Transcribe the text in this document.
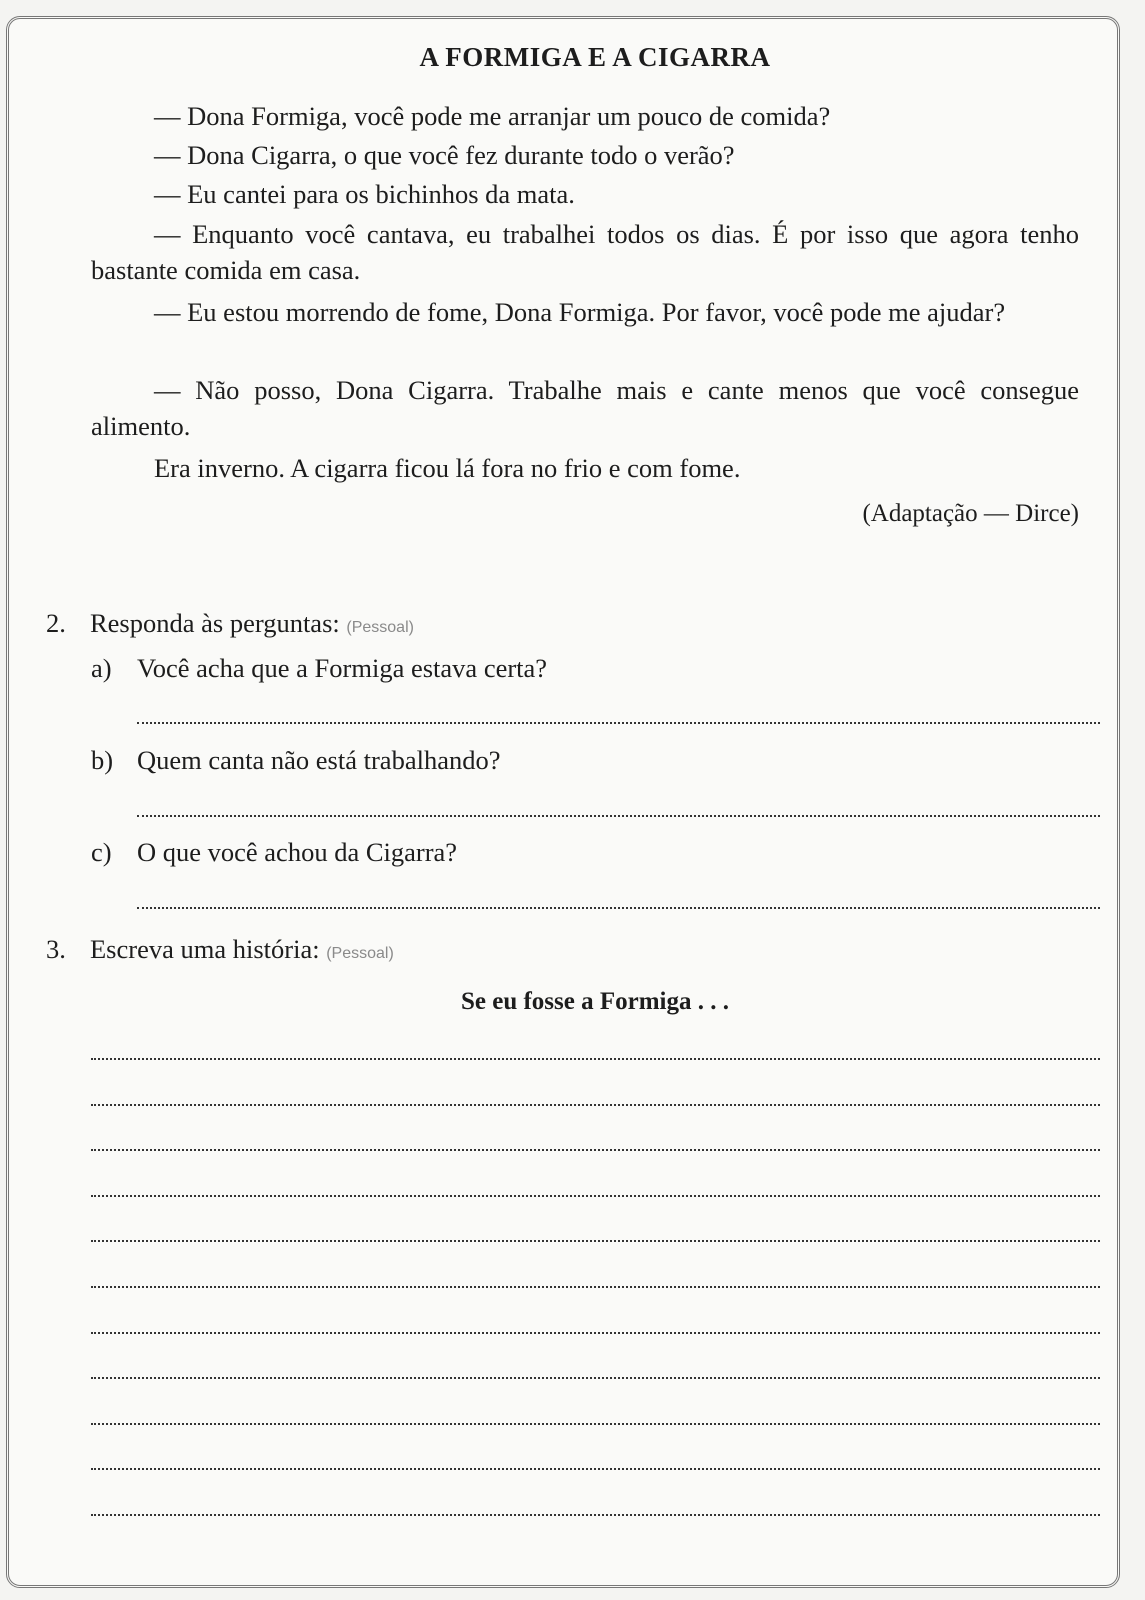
A FORMIGA E A CIGARRA
— Dona Formiga, você pode me arranjar um pouco de comida?
— Dona Cigarra, o que você fez durante todo o verão?
— Eu cantei para os bichinhos da mata.
— Enquanto você cantava, eu trabalhei todos os dias. É por isso que agora tenho bastante comida em casa.
— Eu estou morrendo de fome, Dona Formiga. Por favor, você pode me ajudar?
— Não posso, Dona Cigarra. Trabalhe mais e cante menos que você consegue alimento.
Era inverno. A cigarra ficou lá fora no frio e com fome.
(Adaptação — Dirce)
2. Responda às perguntas: (Pessoal)
a) Você acha que a Formiga estava certa?
b) Quem canta não está trabalhando?
c) O que você achou da Cigarra?
3. Escreva uma história: (Pessoal)
Se eu fosse a Formiga . . .
